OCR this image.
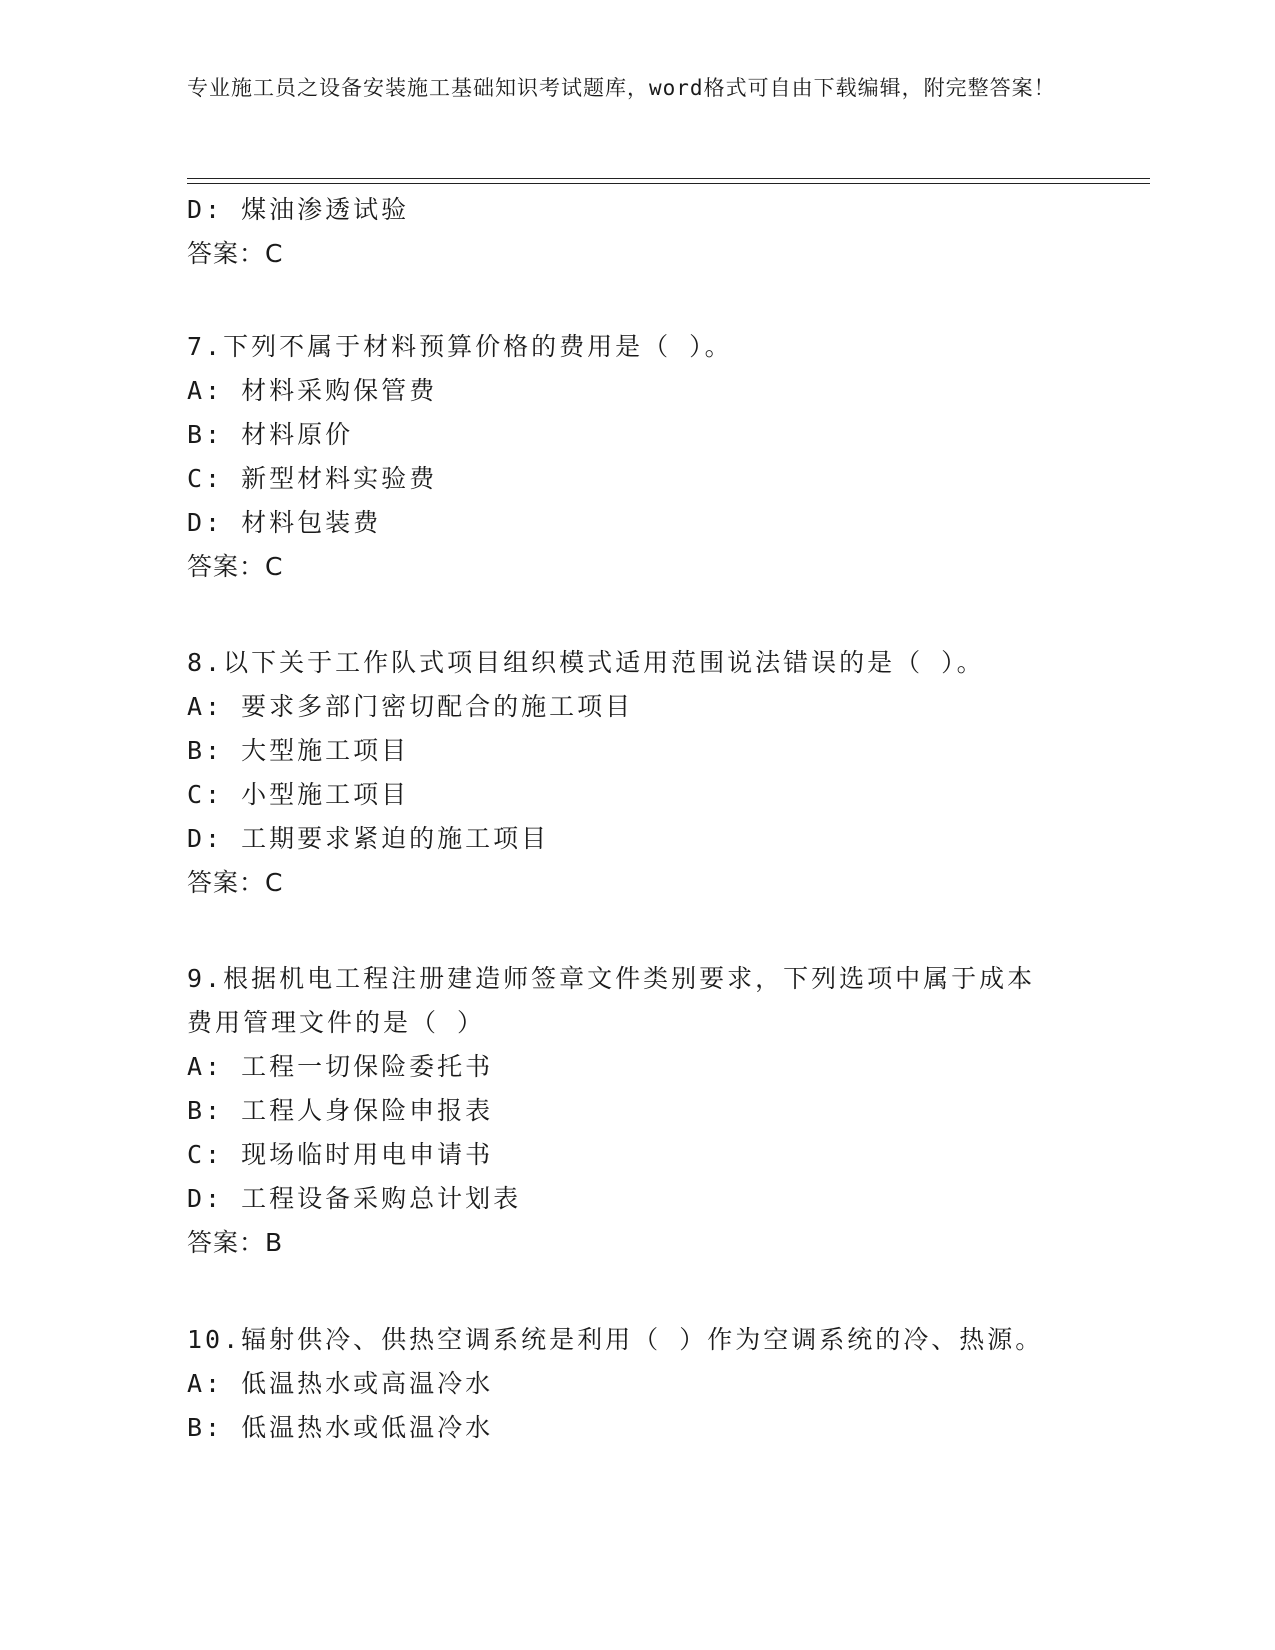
专业施工员之设备安装施工基础知识考试题库，word格式可自由下载编辑，附完整答案！
D: 煤油渗透试验
答案：C
7.下列不属于材料预算价格的费用是（ ）。
A: 材料采购保管费
B: 材料原价
C: 新型材料实验费
D: 材料包装费
答案：C
8.以下关于工作队式项目组织模式适用范围说法错误的是（ ）。
A: 要求多部门密切配合的施工项目
B: 大型施工项目
C: 小型施工项目
D: 工期要求紧迫的施工项目
答案：C
9.根据机电工程注册建造师签章文件类别要求，下列选项中属于成本
费用管理文件的是（ ）
A: 工程一切保险委托书
B: 工程人身保险申报表
C: 现场临时用电申请书
D: 工程设备采购总计划表
答案：B
10.辐射供冷、供热空调系统是利用（ ）作为空调系统的冷、热源。
A: 低温热水或高温冷水
B: 低温热水或低温冷水
